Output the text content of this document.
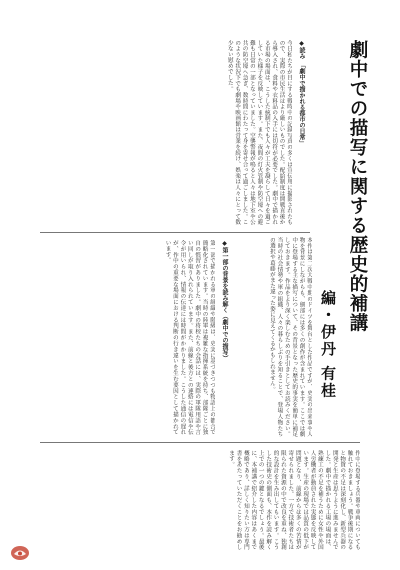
劇中での描写に関する歴史的補講
編・伊丹 有桂
本作は第二次大戦中期のドイツを舞台とした作品ですが、史実の出来事や人物を背景にしながらも、細部には多くの創作が含まれています。ここでは劇中に登場する主な描写について、その背景となった歴史的事実を簡単に補足しておきます。作品をより深く楽しむための手引きとしてお読みください。当時の社会情勢や軍の組織、人々の暮らしぶりを知ることで、登場人物たちの選択や葛藤がまた違った姿に見えてくるかもしれません。
◆読み　「劇中で描かれる都市の日常」
今日私たちが目にする戦時中の記録写真の多くは宣伝用に撮影されたもので、実際の市民生活はより厳しいものでした。配給制度は開戦直後から導入され、食料や衣料品の入手には切符が必要でした。劇中で描かれる市場の場面は、こうした統制下でも人々が工夫を凝らして日々を過ごしていた様子を反映しています。また、夜間の灯火管制や防空壕への避難も日常の一部となっていました。空襲警報が鳴ると人々は地下室や公共の防空壕へ急ぎ、数時間にわたって身を寄せ合って過ごしました。このような状況下でも劇場や映画館は営業を続け、娯楽は人々にとって数少ない慰めでした。
◆第一部の背景を読み解く（劇中での描写）
第一部で描かれる軍の組織や階級は、史実に基づきつつも物語上の都合で簡略化されています。当時の陸軍は複雑な指揮系統を持ち、部隊ごとに独自の慣習がありました。劇中の将校たちの会話には、実際の軍隊用語や言い回しが取り入れられています。また、前線と後方との連絡には電信や伝令が用いられ、情報の伝達には時間がかかりました。こうした通信の遅れが、作中の重要な場面における判断の行き違いを生む要因として描かれています。
作中に登場する兵器や車両についても触れておきましょう。戦争後期になると物資の不足は深刻化し、新型兵器の開発と生産は思うように進みませんでした。劇中で描かれる工場の場面は、熟練工の不足を補うために女性や外国人労働者が動員された実態を反映しています。生産の現場では品質の低下が問題となり、前線からは多くの苦情が寄せられました。一方で技術者たちは限られた資源の中で改良を重ね、独創的な設計を生み出してもいます。こうした技術史の側面も、本作を読み解く上での一つの鍵となるでしょう。最後に、本補講で紹介した内容はあくまで概略であり、詳しく知りたい方は専門書をあたっていただくことをお勧めします。
